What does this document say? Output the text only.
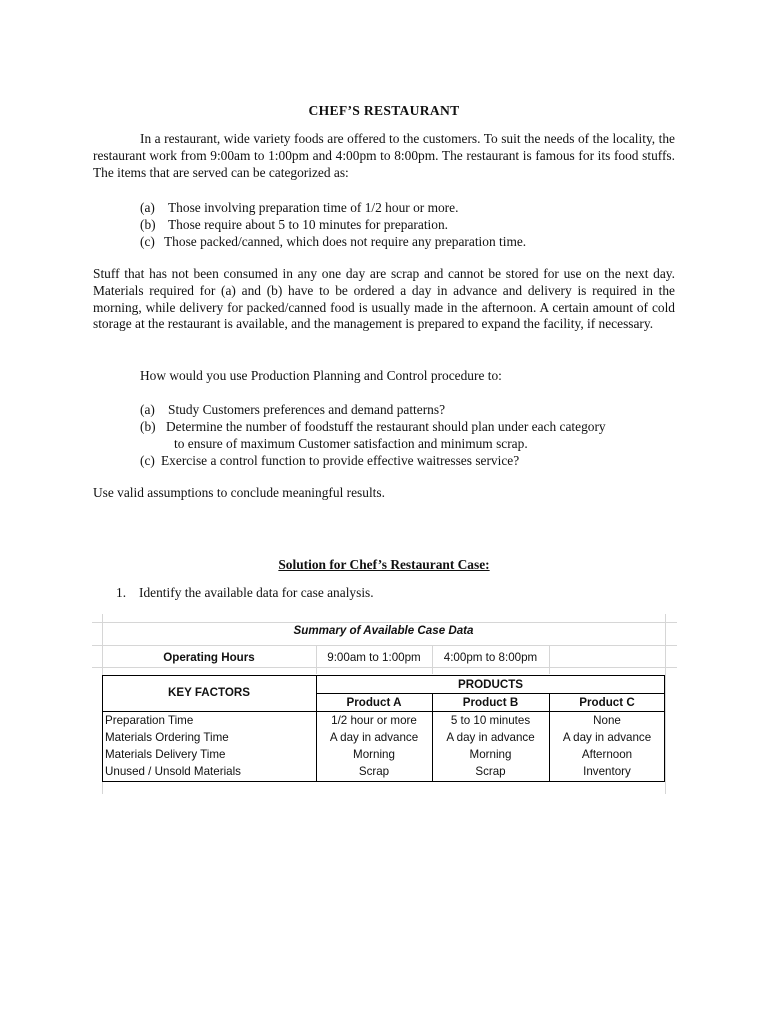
CHEF’S RESTAURANT
In a restaurant, wide variety foods are offered to the customers. To suit the needs of the locality, the restaurant work from 9:00am to 1:00pm and 4:00pm to 8:00pm. The restaurant is famous for its food stuffs. The items that are served can be categorized as:
(a) Those involving preparation time of 1/2 hour or more.
(b) Those require about 5 to 10 minutes for preparation.
(c) Those packed/canned, which does not require any preparation time.
Stuff that has not been consumed in any one day are scrap and cannot be stored for use on the next day. Materials required for (a) and (b) have to be ordered a day in advance and delivery is required in the morning, while delivery for packed/canned food is usually made in the afternoon. A certain amount of cold storage at the restaurant is available, and the management is prepared to expand the facility, if necessary.
How would you use Production Planning and Control procedure to:
(a) Study Customers preferences and demand patterns?
(b) Determine the number of foodstuff the restaurant should plan under each category
to ensure of maximum Customer satisfaction and minimum scrap.
(c) Exercise a control function to provide effective waitresses service?
Use valid assumptions to conclude meaningful results.
Solution for Chef’s Restaurant Case:
1. Identify the available data for case analysis.
Summary of Available Case Data
Operating Hours	9:00am to 1:00pm	4:00pm to 8:00pm
KEY FACTORS
PRODUCTS
Product A	Product B	Product C
Preparation Time	1/2 hour or more	5 to 10 minutes	None
Materials Ordering Time	A day in advance	A day in advance	A day in advance
Materials Delivery Time	Morning	Morning	Afternoon
Unused / Unsold Materials	Scrap	Scrap	Inventory
